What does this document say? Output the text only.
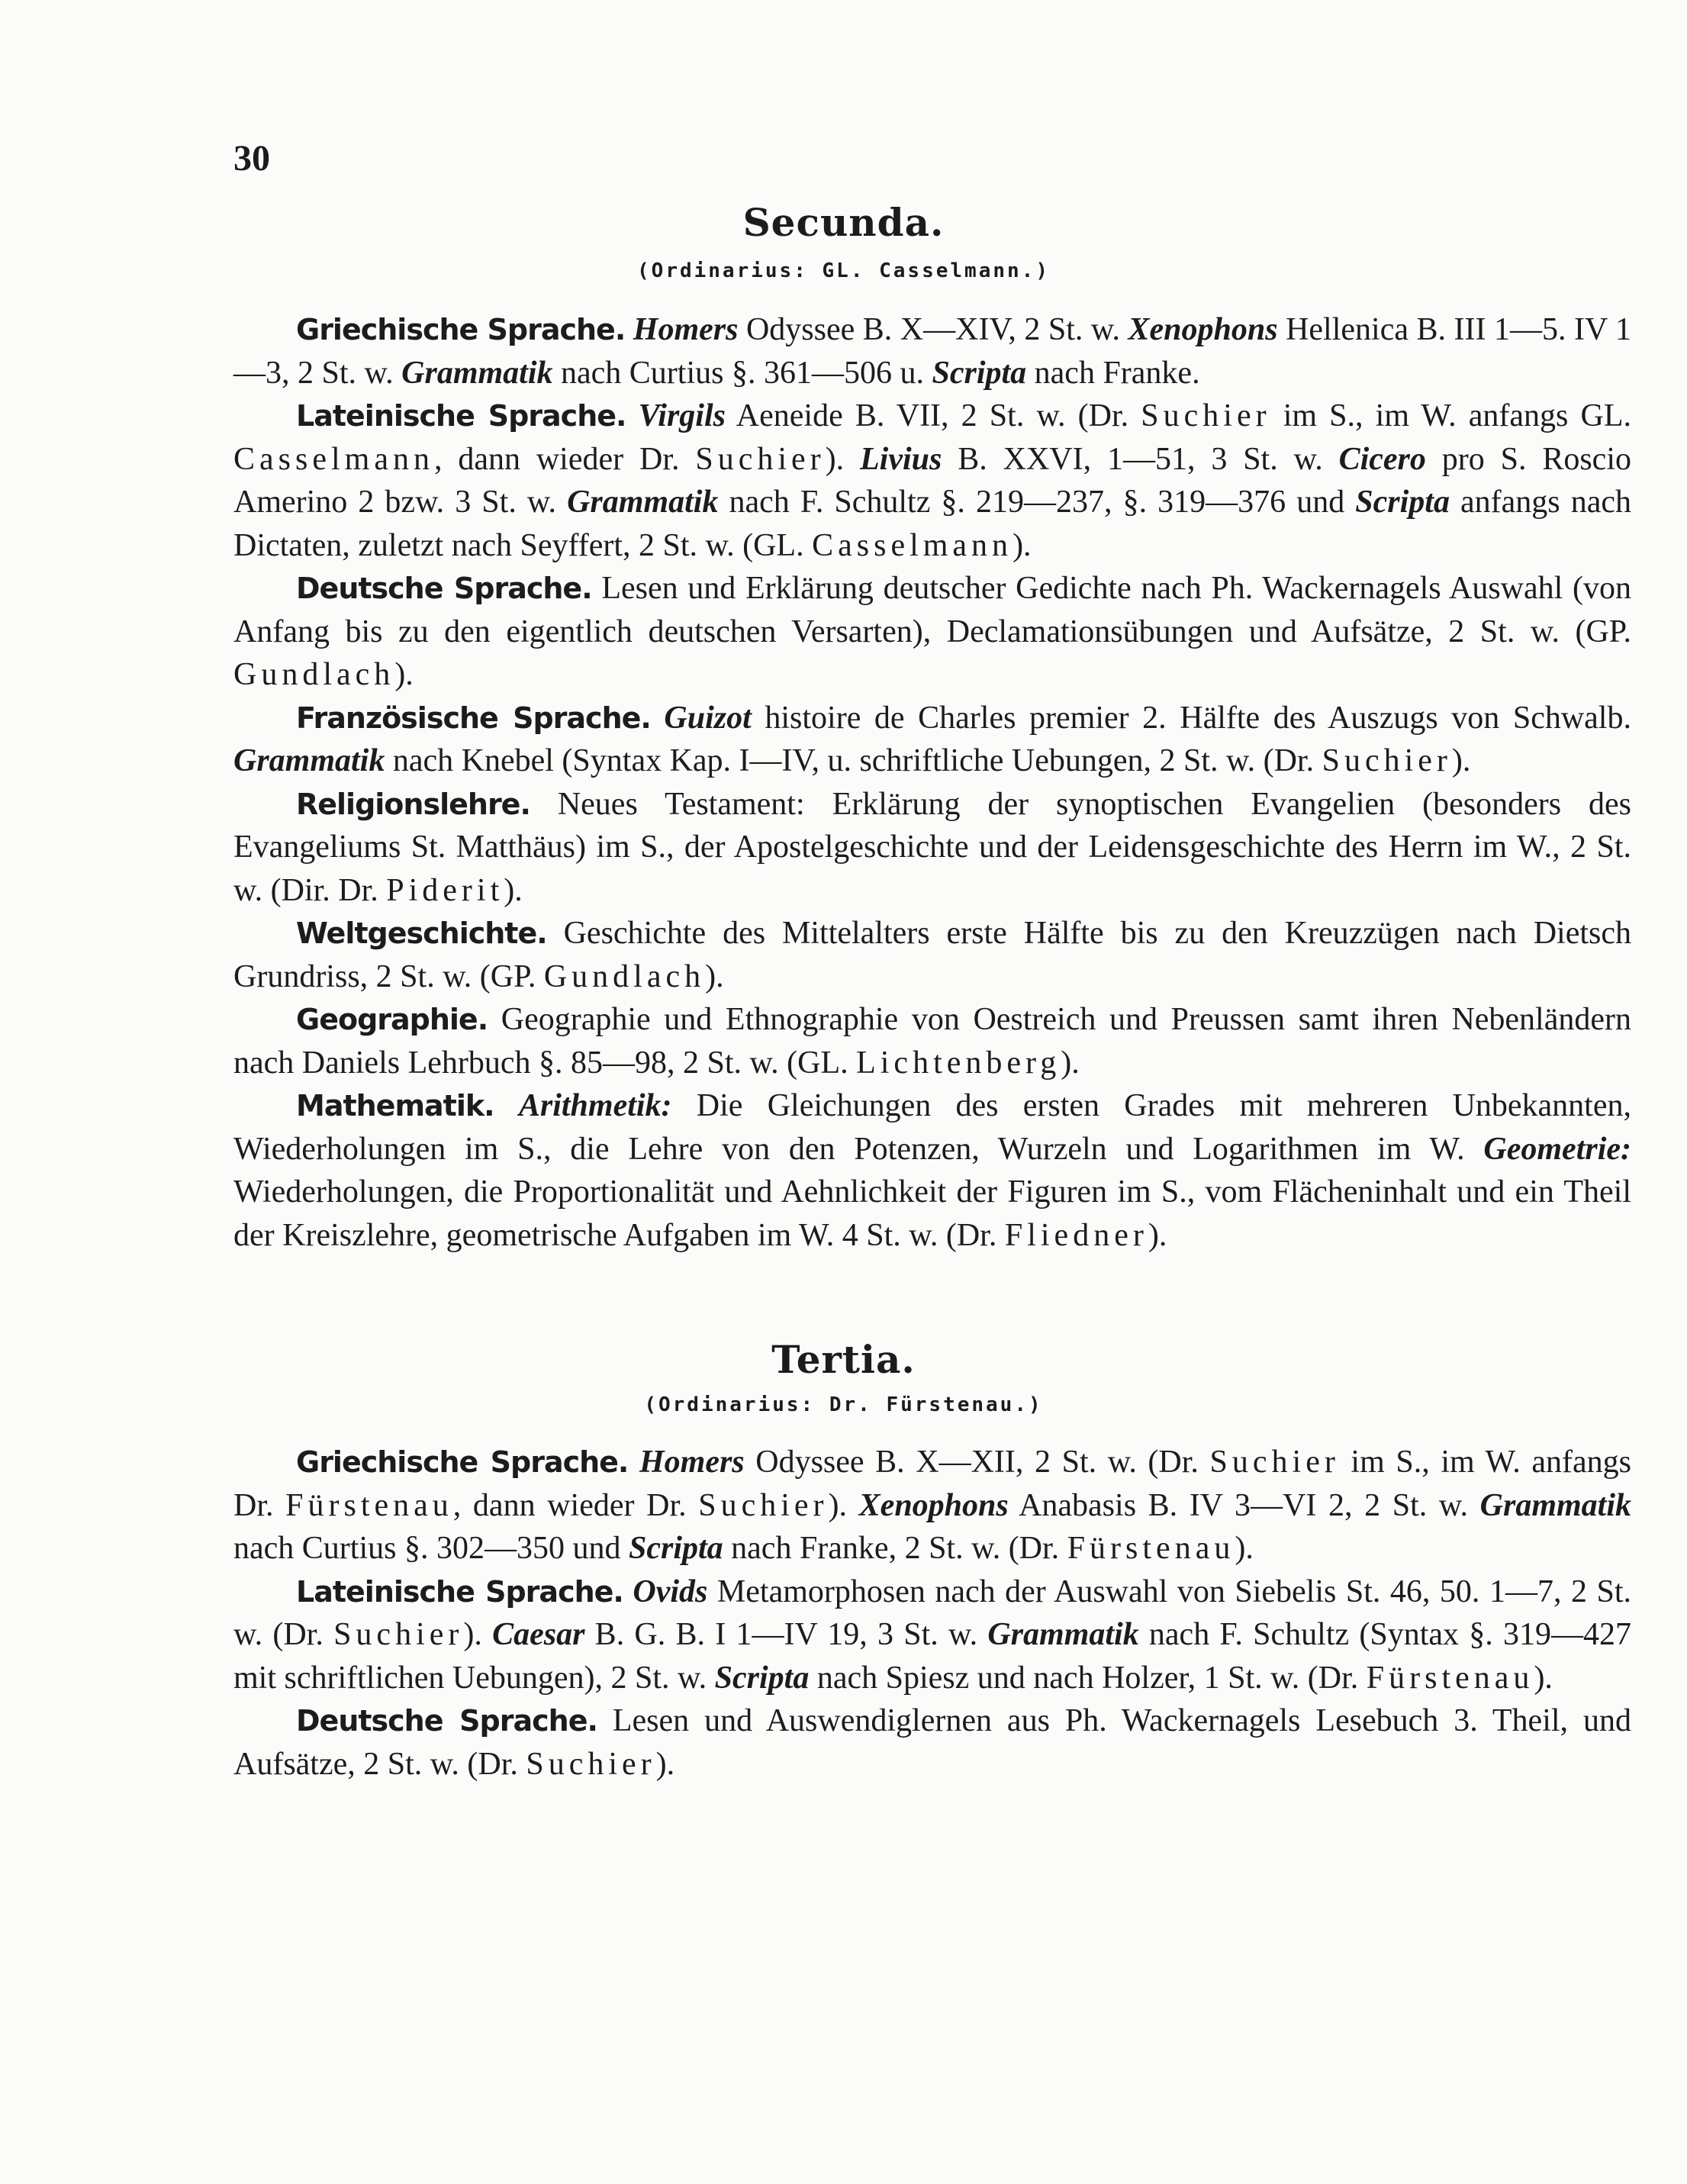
30
Secunda.
(Ordinarius: GL. Casselmann.)

Griechische Sprache. Homers Odyssee B. X—XIV, 2 St. w. Xenophons Hellenica B. III 1—5. IV 1—3, 2 St. w. Grammatik nach Curtius §. 361—506 u. Scripta nach Franke.

Lateinische Sprache. Virgils Aeneide B. VII, 2 St. w. (Dr. Suchier im S., im W. anfangs GL. Casselmann, dann wieder Dr. Suchier). Livius B. XXVI, 1—51, 3 St. w. Cicero pro S. Roscio Amerino 2 bzw. 3 St. w. Grammatik nach F. Schultz §. 219—237, §. 319—376 und Scripta anfangs nach Dictaten, zuletzt nach Seyffert, 2 St. w. (GL. Casselmann).

Deutsche Sprache. Lesen und Erklärung deutscher Gedichte nach Ph. Wackernagels Auswahl (von Anfang bis zu den eigentlich deutschen Versarten), Declamationsübungen und Aufsätze, 2 St. w. (GP. Gundlach).

Französische Sprache. Guizot histoire de Charles premier 2. Hälfte des Auszugs von Schwalb. Grammatik nach Knebel (Syntax Kap. I—IV, u. schriftliche Uebungen, 2 St. w. (Dr. Suchier).

Religionslehre. Neues Testament: Erklärung der synoptischen Evangelien (besonders des Evangeliums St. Matthäus) im S., der Apostelgeschichte und der Leidensgeschichte des Herrn im W., 2 St. w. (Dir. Dr. Piderit).

Weltgeschichte. Geschichte des Mittelalters erste Hälfte bis zu den Kreuzzügen nach Dietsch Grundriss, 2 St. w. (GP. Gundlach).

Geographie. Geographie und Ethnographie von Oestreich und Preussen samt ihren Nebenländern nach Daniels Lehrbuch §. 85—98, 2 St. w. (GL. Lichtenberg).

Mathematik. Arithmetik: Die Gleichungen des ersten Grades mit mehreren Unbekannten, Wiederholungen im S., die Lehre von den Potenzen, Wurzeln und Logarithmen im W. Geometrie: Wiederholungen, die Proportionalität und Aehnlichkeit der Figuren im S., vom Flächeninhalt und ein Theil der Kreiszlehre, geometrische Aufgaben im W. 4 St. w. (Dr. Fliedner).

Tertia.
(Ordinarius: Dr. Fürstenau.)

Griechische Sprache. Homers Odyssee B. X—XII, 2 St. w. (Dr. Suchier im S., im W. anfangs Dr. Fürstenau, dann wieder Dr. Suchier). Xenophons Anabasis B. IV 3—VI 2, 2 St. w. Grammatik nach Curtius §. 302—350 und Scripta nach Franke, 2 St. w. (Dr. Fürstenau).

Lateinische Sprache. Ovids Metamorphosen nach der Auswahl von Siebelis St. 46, 50. 1—7, 2 St. w. (Dr. Suchier). Caesar B. G. B. I 1—IV 19, 3 St. w. Grammatik nach F. Schultz (Syntax §. 319—427 mit schriftlichen Uebungen), 2 St. w. Scripta nach Spiesz und nach Holzer, 1 St. w. (Dr. Fürstenau).

Deutsche Sprache. Lesen und Auswendiglernen aus Ph. Wackernagels Lesebuch 3. Theil, und Aufsätze, 2 St. w. (Dr. Suchier).
